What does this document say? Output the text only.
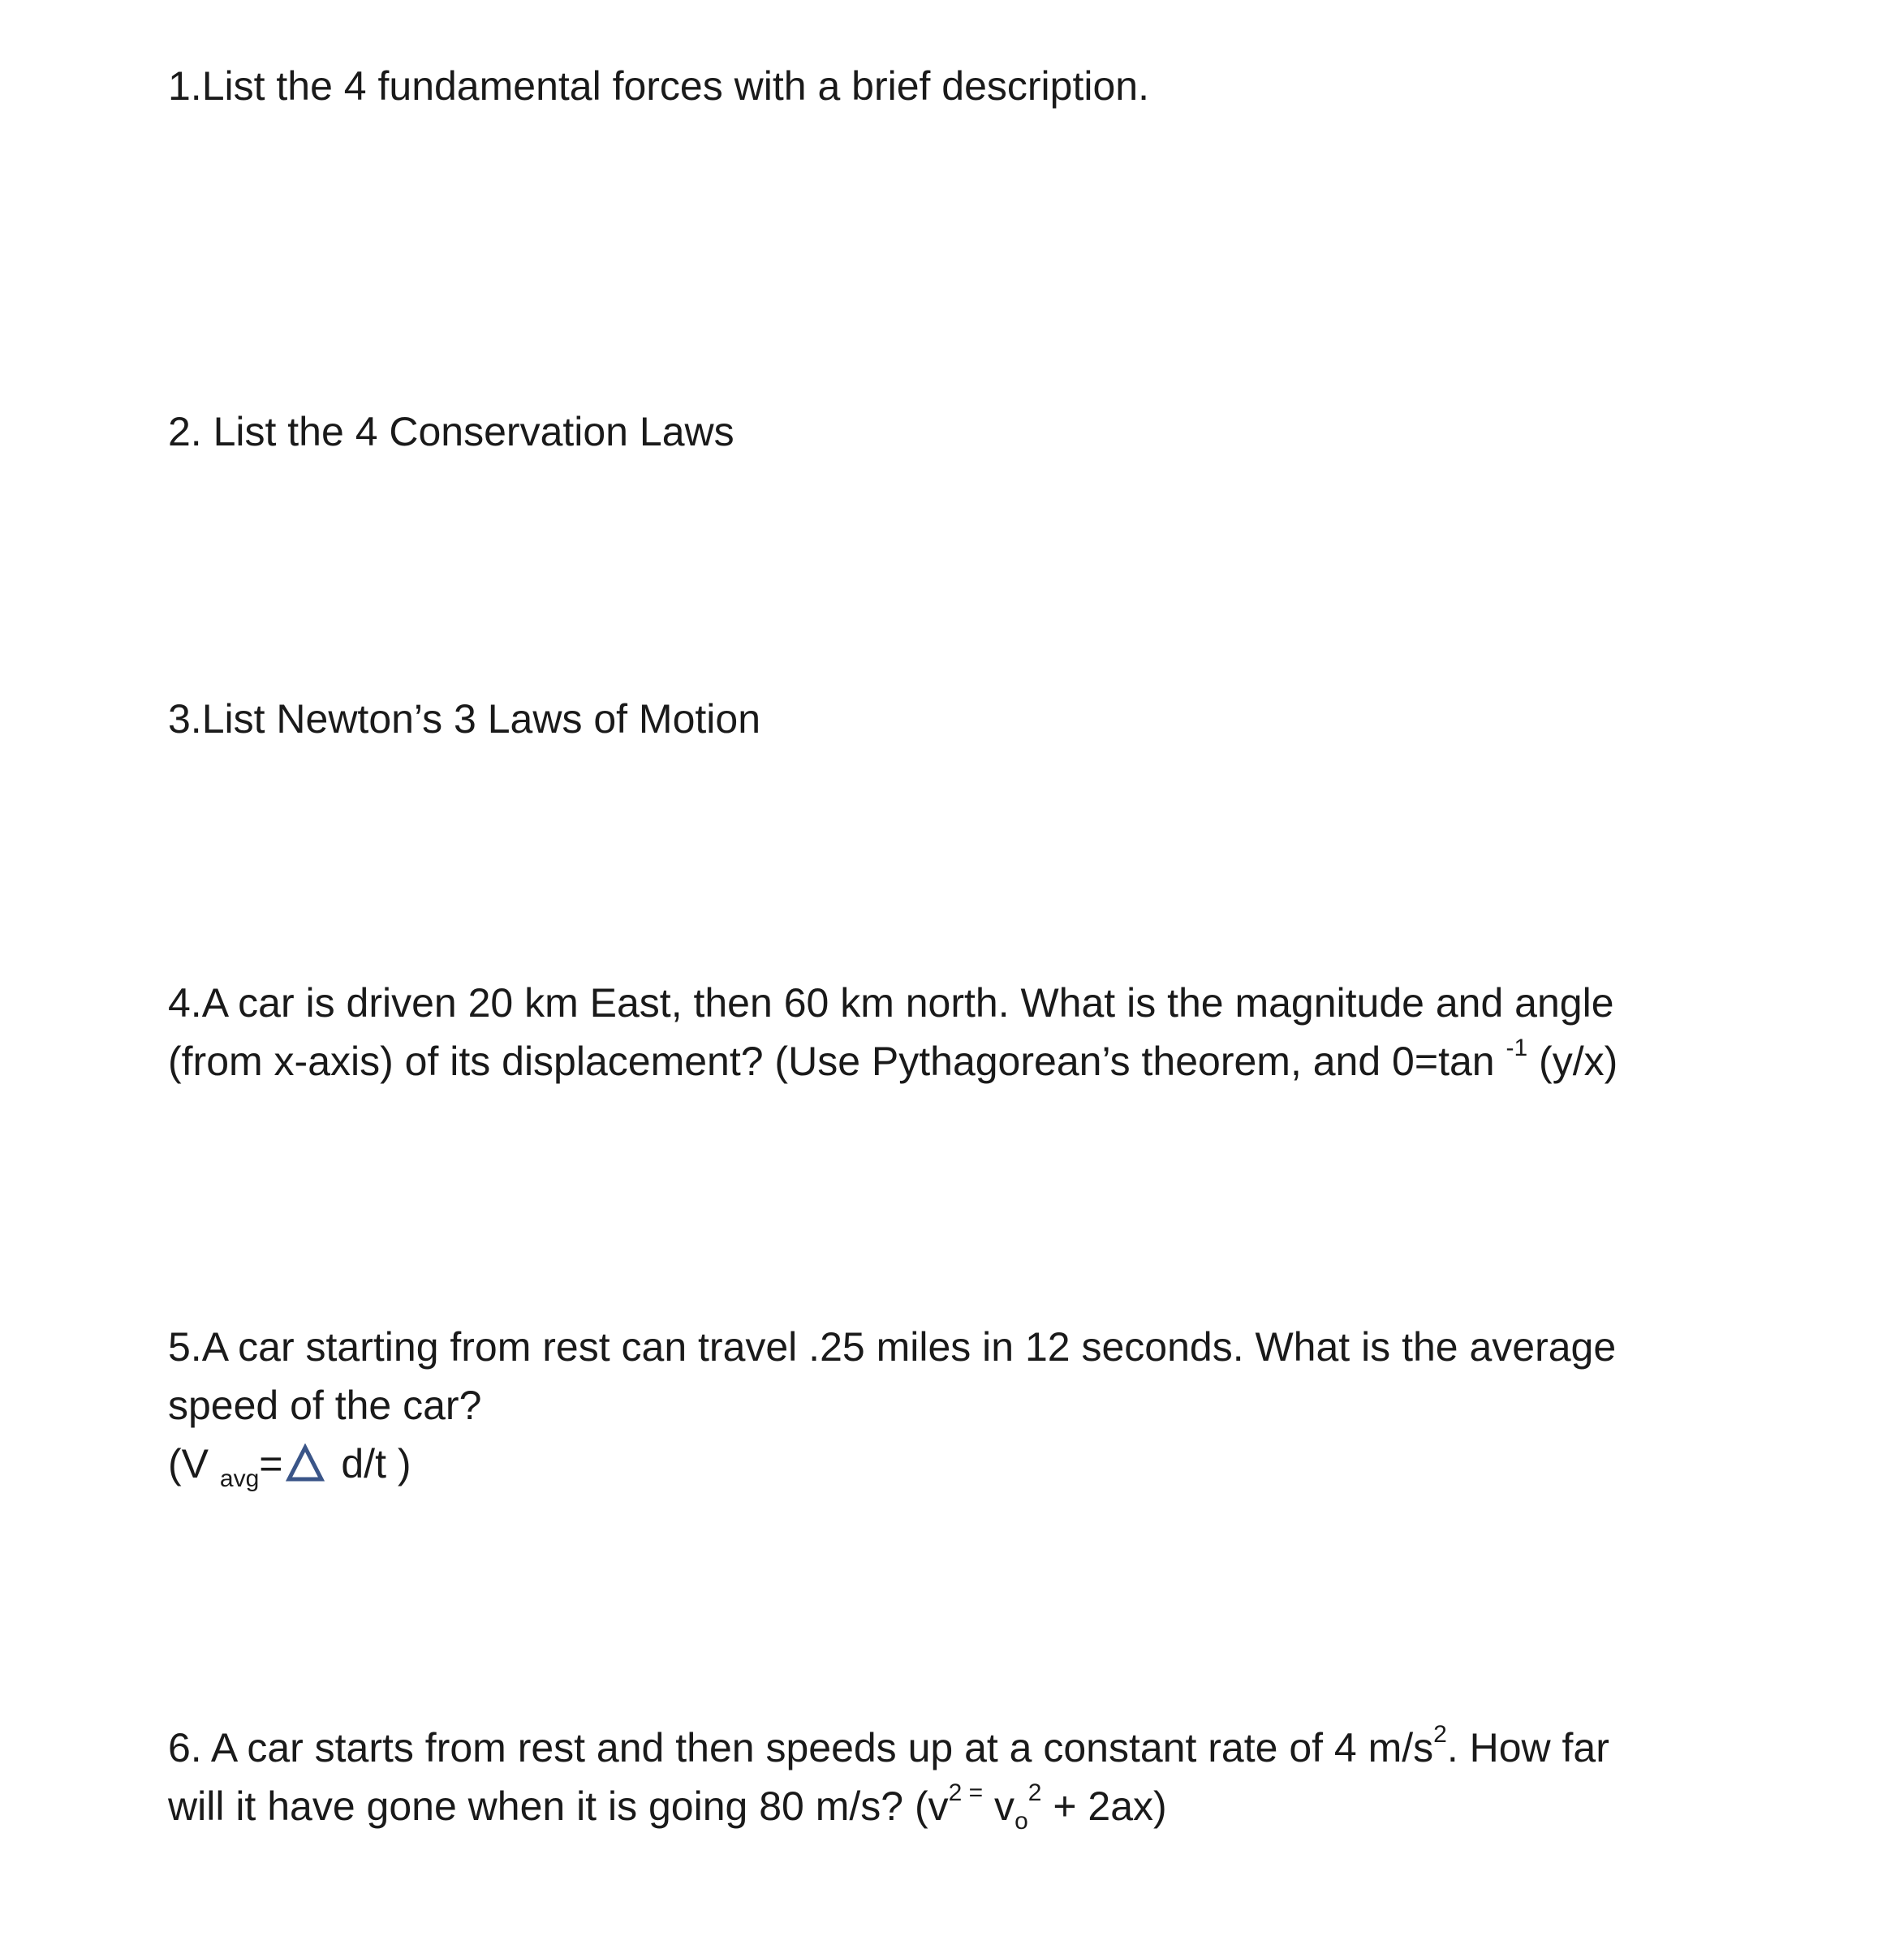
1.List the 4 fundamental forces with a brief description.
2. List the 4 Conservation Laws
3.List Newton’s 3 Laws of Motion
4.A car is driven 20 km East, then 60 km north. What is the magnitude and angle
(from x-axis) of its displacement? (Use Pythagorean’s theorem, and 0=tan $^{-1}$ (y/x)
5.A car starting from rest can travel .25 miles in 12 seconds. What is the average
speed of the car?
(V $_{avg}$= d/t )
6. A car starts from rest and then speeds up at a constant rate of 4 $m/s^2$. How far
will it have gone when it is going 80 m/s? ($v^{2 =}$ $v_o^2 + 2ax$)
